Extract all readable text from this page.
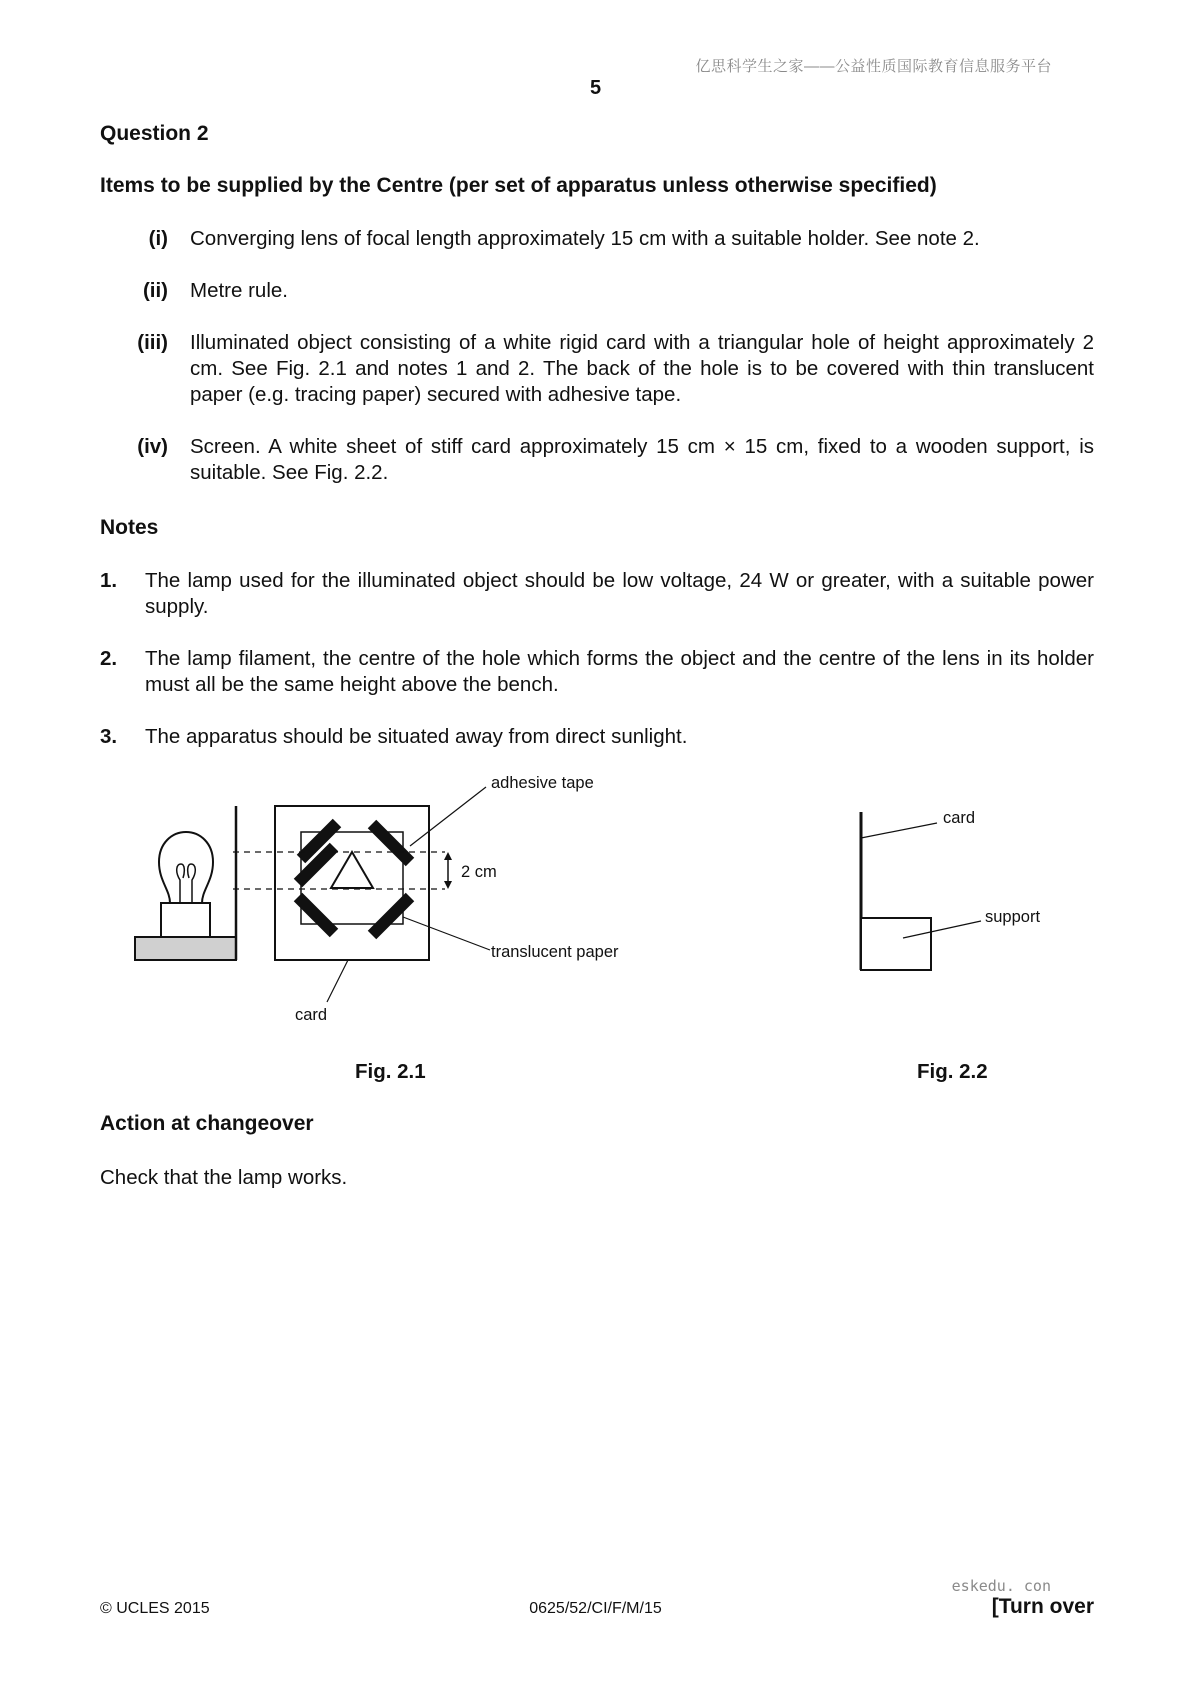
亿思科学生之家——公益性质国际教育信息服务平台
5
Question 2
Items to be supplied by the Centre (per set of apparatus unless otherwise specified)
(i) Converging lens of focal length approximately 15 cm with a suitable holder. See note 2.
(ii) Metre rule.
(iii) Illuminated object consisting of a white rigid card with a triangular hole of height approximately 2 cm. See Fig. 2.1 and notes 1 and 2. The back of the hole is to be covered with thin translucent paper (e.g. tracing paper) secured with adhesive tape.
(iv) Screen. A white sheet of stiff card approximately 15 cm × 15 cm, fixed to a wooden support, is suitable. See Fig. 2.2.
Notes
1. The lamp used for the illuminated object should be low voltage, 24 W or greater, with a suitable power supply.
2. The lamp filament, the centre of the hole which forms the object and the centre of the lens in its holder must all be the same height above the bench.
3. The apparatus should be situated away from direct sunlight.
2 cm
adhesive tape
translucent paper
card
card
support
Fig. 2.1	Fig. 2.2
Action at changeover
Check that the lamp works.
eskedu. con
© UCLES 2015	0625/52/CI/F/M/15	[Turn over
